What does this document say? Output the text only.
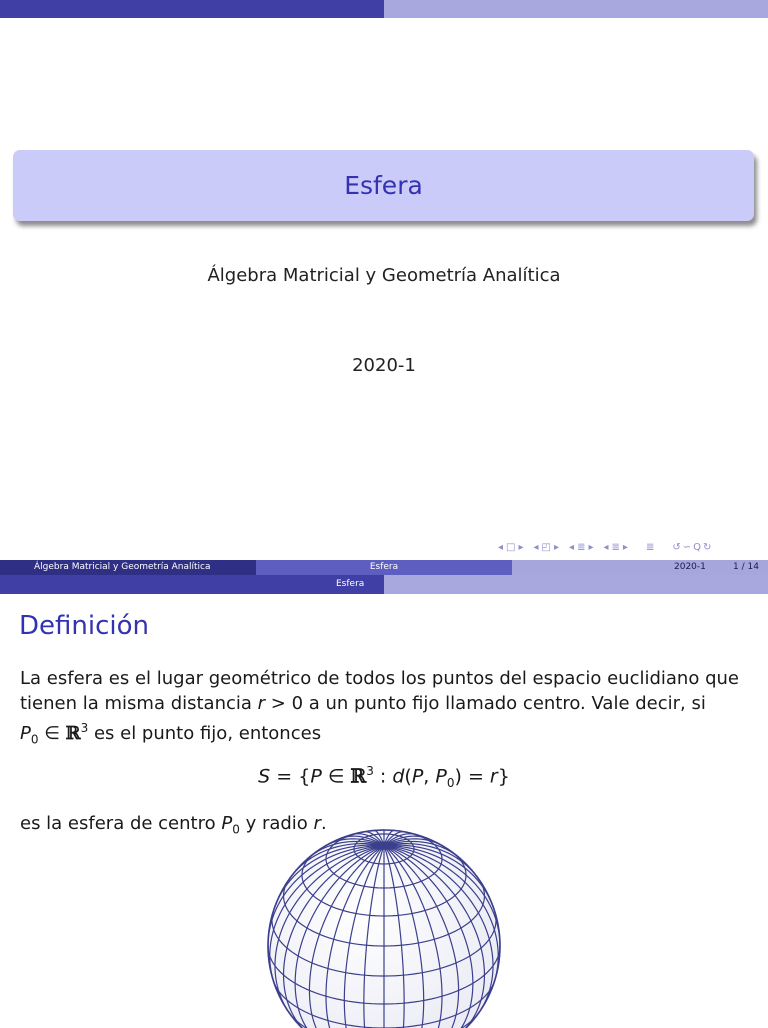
Esfera
Álgebra Matricial y Geometría Analítica
2020-1
◂ □ ▸ ◂ ◰ ▸ ◂ ≣ ▸ ◂ ≣ ▸ ≣ ↺ ∽ Q ↻
Álgebra Matricial y Geometría Analítica	Esfera	2020-1	1 / 14
Esfera
Definición
La esfera es el lugar geométrico de todos los puntos del espacio euclidiano que tienen la misma distancia r > 0 a un punto fijo llamado centro. Vale decir, si
$P_0$ ∈ ℝ$^3$ es el punto fijo, entonces
S = {P ∈ ℝ$^3$ : d(P, $P_0) = r$}
es la esfera de centro $P_0$ y radio r.
